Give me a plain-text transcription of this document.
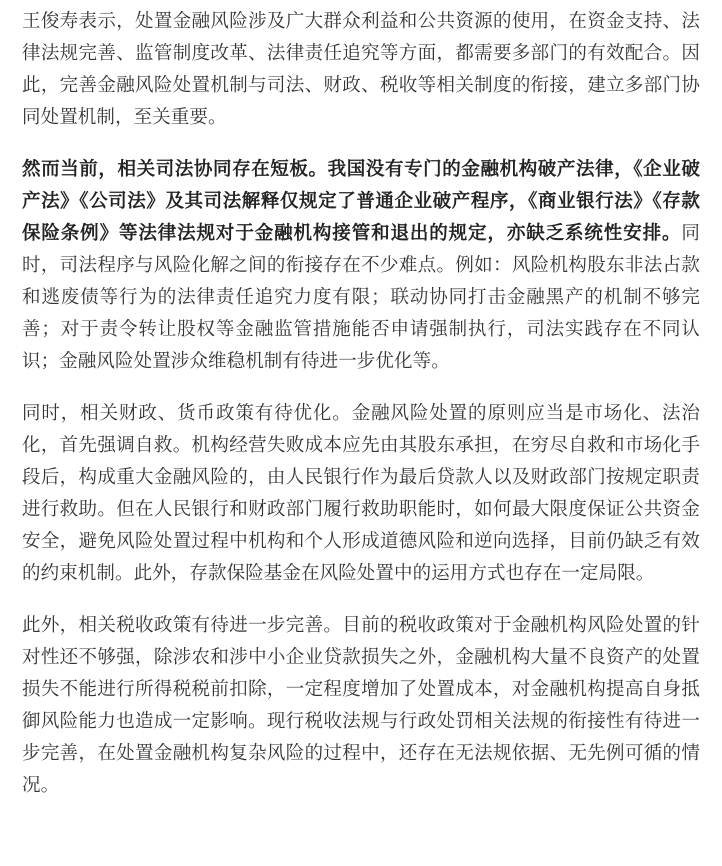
王俊寿表示，处置金融风险涉及广大群众利益和公共资源的使用，在资金支持、法律法规完善、监管制度改革、法律责任追究等方面，都需要多部门的有效配合。因此，完善金融风险处置机制与司法、财政、税收等相关制度的衔接，建立多部门协同处置机制，至关重要。

然而当前，相关司法协同存在短板。我国没有专门的金融机构破产法律，《企业破产法》《公司法》及其司法解释仅规定了普通企业破产程序，《商业银行法》《存款保险条例》等法律法规对于金融机构接管和退出的规定，亦缺乏系统性安排。同时，司法程序与风险化解之间的衔接存在不少难点。例如：风险机构股东非法占款和逃废债等行为的法律责任追究力度有限；联动协同打击金融黑产的机制不够完善；对于责令转让股权等金融监管措施能否申请强制执行，司法实践存在不同认识；金融风险处置涉众维稳机制有待进一步优化等。

同时，相关财政、货币政策有待优化。金融风险处置的原则应当是市场化、法治化，首先强调自救。机构经营失败成本应先由其股东承担，在穷尽自救和市场化手段后，构成重大金融风险的，由人民银行作为最后贷款人以及财政部门按规定职责进行救助。但在人民银行和财政部门履行救助职能时，如何最大限度保证公共资金安全，避免风险处置过程中机构和个人形成道德风险和逆向选择，目前仍缺乏有效的约束机制。此外，存款保险基金在风险处置中的运用方式也存在一定局限。

此外，相关税收政策有待进一步完善。目前的税收政策对于金融机构风险处置的针对性还不够强，除涉农和涉中小企业贷款损失之外，金融机构大量不良资产的处置损失不能进行所得税税前扣除，一定程度增加了处置成本，对金融机构提高自身抵御风险能力也造成一定影响。现行税收法规与行政处罚相关法规的衔接性有待进一步完善，在处置金融机构复杂风险的过程中，还存在无法规依据、无先例可循的情况。
